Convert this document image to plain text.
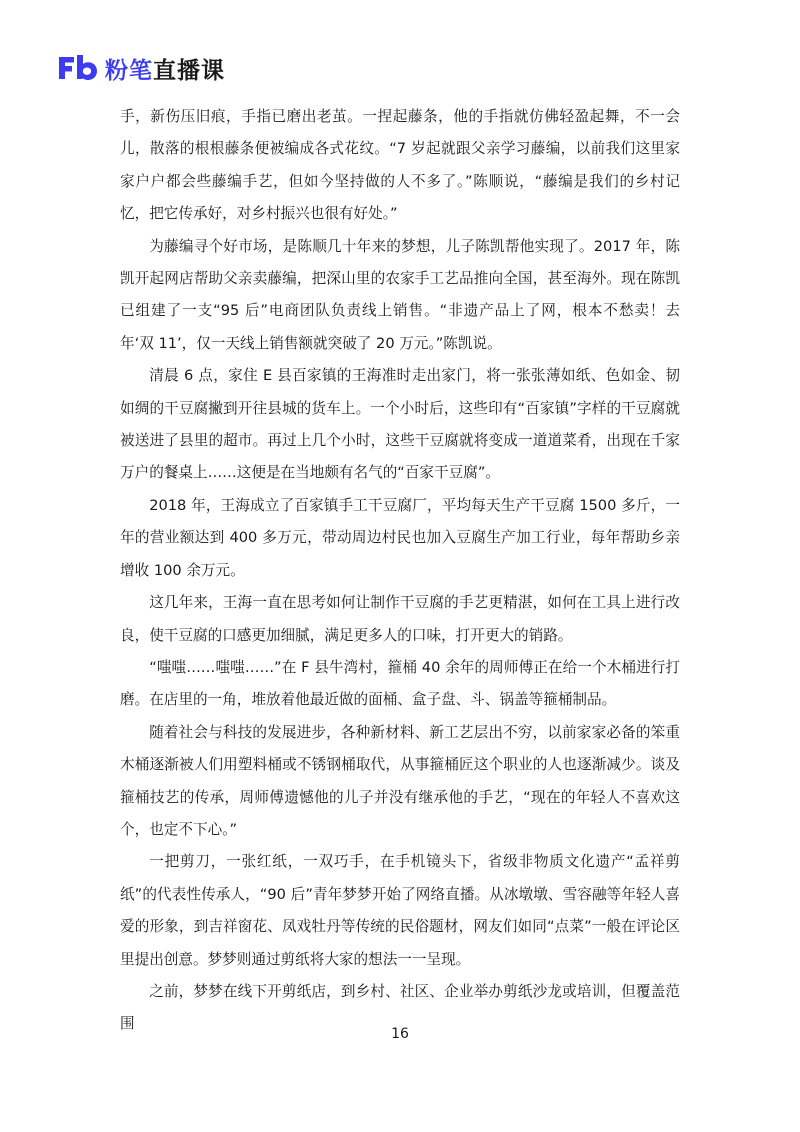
粉笔直播课

手，新伤压旧痕，手指已磨出老茧。一捏起藤条，他的手指就仿佛轻盈起舞，不一会儿，散落的根根藤条便被编成各式花纹。“7 岁起就跟父亲学习藤编，以前我们这里家家户户都会些藤编手艺，但如今坚持做的人不多了。”陈顺说，“藤编是我们的乡村记忆，把它传承好，对乡村振兴也很有好处。”

为藤编寻个好市场，是陈顺几十年来的梦想，儿子陈凯帮他实现了。2017 年，陈凯开起网店帮助父亲卖藤编，把深山里的农家手工艺品推向全国，甚至海外。现在陈凯已组建了一支“95 后”电商团队负责线上销售。“非遗产品上了网，根本不愁卖！去年‘双 11’，仅一天线上销售额就突破了 20 万元。”陈凯说。

清晨 6 点，家住 E 县百家镇的王海准时走出家门，将一张张薄如纸、色如金、韧如绸的干豆腐撇到开往县城的货车上。一个小时后，这些印有“百家镇”字样的干豆腐就被送进了县里的超市。再过上几个小时，这些干豆腐就将变成一道道菜肴，出现在千家万户的餐桌上……这便是在当地颇有名气的“百家干豆腐”。

2018 年，王海成立了百家镇手工干豆腐厂，平均每天生产干豆腐 1500 多斤，一年的营业额达到 400 多万元，带动周边村民也加入豆腐生产加工行业，每年帮助乡亲增收 100 余万元。

这几年来，王海一直在思考如何让制作干豆腐的手艺更精湛，如何在工具上进行改良，使干豆腐的口感更加细腻，满足更多人的口味，打开更大的销路。

“嗤嗤……嗤嗤……”在 F 县牛湾村，箍桶 40 余年的周师傅正在给一个木桶进行打磨。在店里的一角，堆放着他最近做的面桶、盒子盘、斗、锅盖等箍桶制品。

随着社会与科技的发展进步，各种新材料、新工艺层出不穷，以前家家必备的笨重木桶逐渐被人们用塑料桶或不锈钢桶取代，从事箍桶匠这个职业的人也逐渐减少。谈及箍桶技艺的传承，周师傅遗憾他的儿子并没有继承他的手艺，“现在的年轻人不喜欢这个，也定不下心。”

一把剪刀，一张红纸，一双巧手，在手机镜头下，省级非物质文化遗产“孟祥剪纸”的代表性传承人，“90 后”青年梦梦开始了网络直播。从冰墩墩、雪容融等年轻人喜爱的形象，到吉祥窗花、凤戏牡丹等传统的民俗题材，网友们如同“点菜”一般在评论区里提出创意。梦梦则通过剪纸将大家的想法一一呈现。

之前，梦梦在线下开剪纸店，到乡村、社区、企业举办剪纸沙龙或培训，但覆盖范围

16
